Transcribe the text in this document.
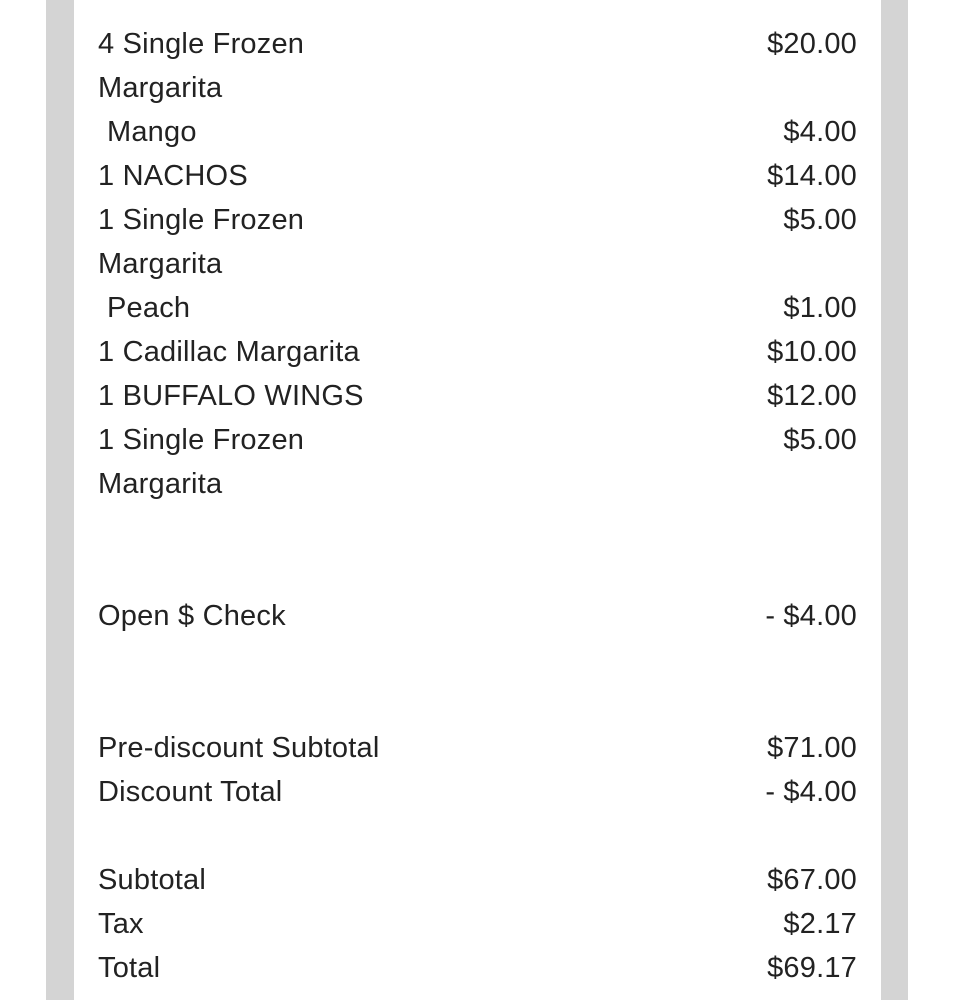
4 Single Frozen	$20.00
Margarita
Mango	$4.00
1 NACHOS	$14.00
1 Single Frozen	$5.00
Margarita
Peach	$1.00
1 Cadillac Margarita	$10.00
1 BUFFALO WINGS	$12.00
1 Single Frozen	$5.00
Margarita
Open $ Check	- $4.00
Pre-discount Subtotal	$71.00
Discount Total	- $4.00
Subtotal	$67.00
Tax	$2.17
Total	$69.17
